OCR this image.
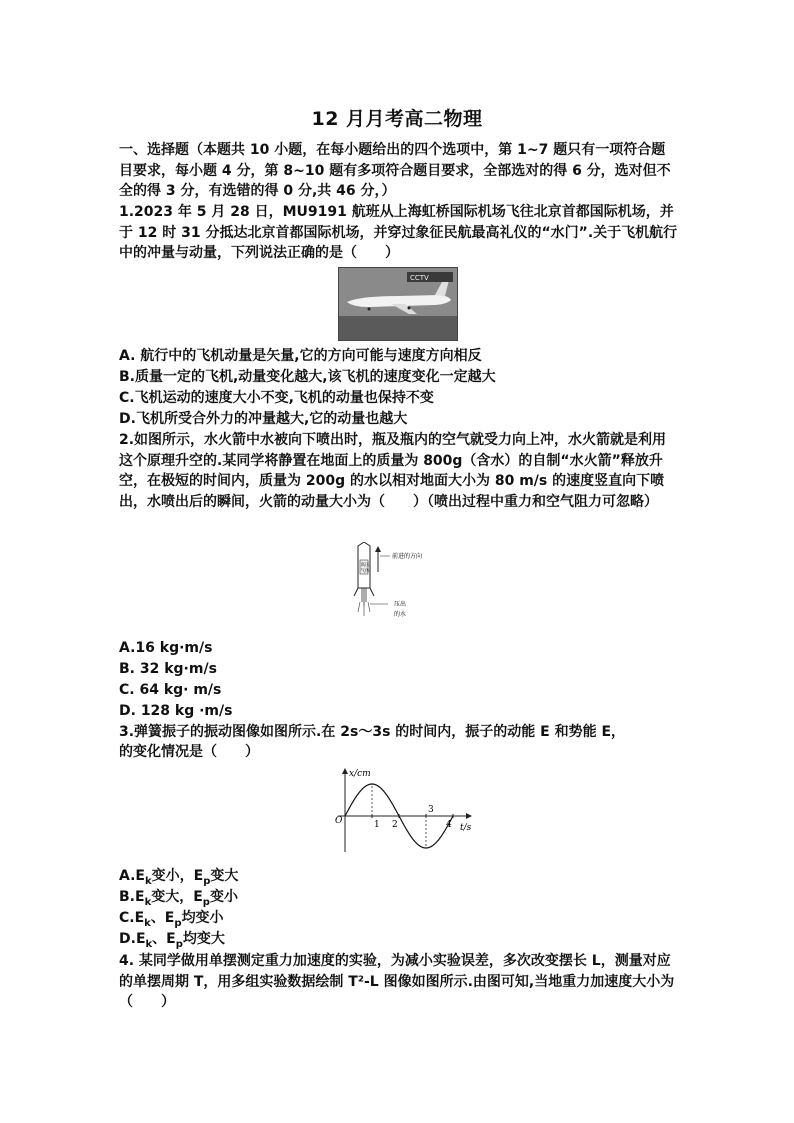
12 月月考高二物理
一、选择题（本题共 10 小题，在每小题给出的四个选项中，第 1~7 题只有一项符合题目要求，每小题 4 分，第 8~10 题有多项符合题目要求，全部选对的得 6 分，选对但不全的得 3 分，有选错的得 0 分,共 46 分，）
1.2023 年 5 月 28 日，MU9191 航班从上海虹桥国际机场飞往北京首都国际机场，并于 12 时 31 分抵达北京首都国际机场，并穿过象征民航最高礼仪的“水门”.关于飞机航行中的冲量与动量，下列说法正确的是（　　）
CCTV
A. 航行中的飞机动量是矢量,它的方向可能与速度方向相反
B.质量一定的飞机,动量变化越大,该飞机的速度变化一定越大
C.飞机运动的速度大小不变,飞机的动量也保持不变
D.飞机所受合外力的冲量越大,它的动量也越大
2.如图所示，水火箭中水被向下喷出时，瓶及瓶内的空气就受力向上冲，水火箭就是利用这个原理升空的.某同学将静置在地面上的质量为 800g（含水）的自制“水火箭”释放升空，在极短的时间内，质量为 200g 的水以相对地面大小为 80 m/s 的速度竖直向下喷出，水喷出后的瞬间，火箭的动量大小为（　　）（喷出过程中重力和空气阻力可忽略）
高压
气体
前进的方向
压出
的水
A.16 kg·m/s
B. 32 kg·m/s
C. 64 kg· m/s
D. 128 kg ·m/s
3.弹簧振子的振动图像如图所示.在 2s～3s 的时间内，振子的动能 E 和势能 E，
的变化情况是（　　）
x/cm
t/s
O	1 2
3
4
$A.E_k$变小，$E_p$变大
$B.E_k$变大，$E_p$变小
$C.E_k$、$E_p$均变小
$D.E_k$、$E_p$均变大
4. 某同学做用单摆测定重力加速度的实验，为减小实验误差，多次改变摆长 L，测量对应的单摆周期 T，用多组实验数据绘制 T²-L 图像如图所示.由图可知,当地重力加速度大小为（　　）
